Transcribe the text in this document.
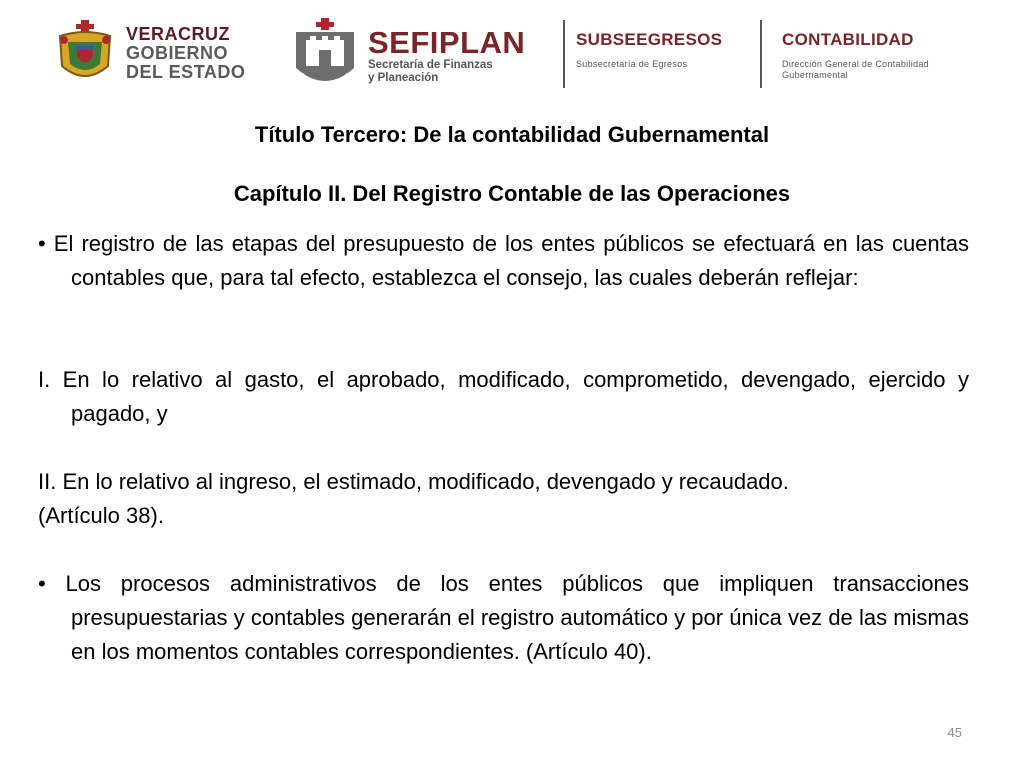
VERACRUZ
GOBIERNO
DEL ESTADO
SEFIPLAN
Secretaría de Finanzas
y Planeación
SUBSEEGRESOS
Subsecretaría de Egresos
CONTABILIDAD
Dirección General de Contabilidad
Gubernamental
Título Tercero: De la contabilidad Gubernamental
Capítulo II. Del Registro Contable de las Operaciones
• El registro de las etapas del presupuesto de los entes públicos se efectuará en las cuentas contables que, para tal efecto, establezca el consejo, las cuales deberán reflejar:
I. En lo relativo al gasto, el aprobado, modificado, comprometido, devengado, ejercido y pagado, y
II. En lo relativo al ingreso, el estimado, modificado, devengado y recaudado.
(Artículo 38).
• Los procesos administrativos de los entes públicos que impliquen transacciones presupuestarias y contables generarán el registro automático y por única vez de las mismas en los momentos contables correspondientes. (Artículo 40).
45
